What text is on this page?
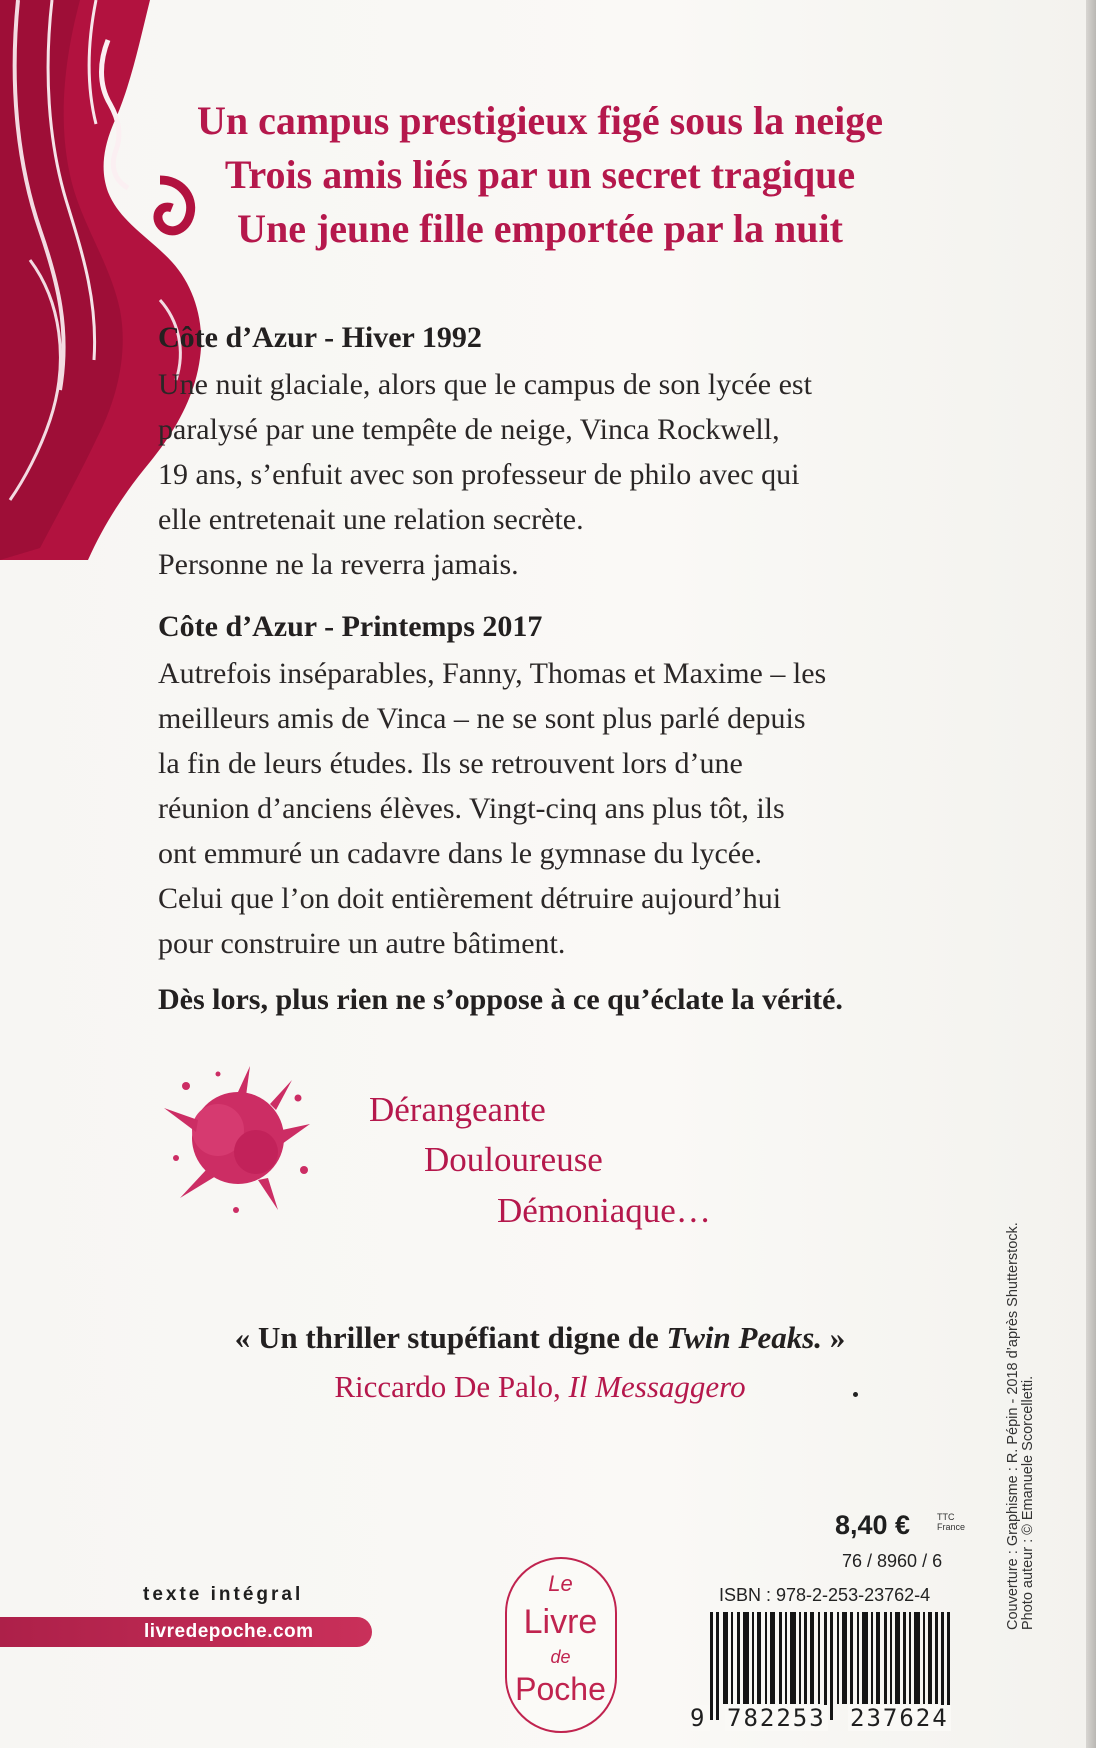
Un campus prestigieux figé sous la neige

Trois amis liés par un secret tragique

Une jeune fille emportée par la nuit

Côte d’Azur - Hiver 1992

Une nuit glaciale, alors que le campus de son lycée est
paralysé par une tempête de neige, Vinca Rockwell,
19 ans, s’enfuit avec son professeur de philo avec qui
elle entretenait une relation secrète.
Personne ne la reverra jamais.

Côte d’Azur - Printemps 2017

Autrefois inséparables, Fanny, Thomas et Maxime – les
meilleurs amis de Vinca – ne se sont plus parlé depuis
la fin de leurs études. Ils se retrouvent lors d’une
réunion d’anciens élèves. Vingt-cinq ans plus tôt, ils
ont emmuré un cadavre dans le gymnase du lycée.
Celui que l’on doit entièrement détruire aujourd’hui
pour construire un autre bâtiment.

Dès lors, plus rien ne s’oppose à ce qu’éclate la vérité.

Dérangeante

Douloureuse

Démoniaque…

« Un thriller stupéfiant digne de Twin Peaks. »

Riccardo De Palo, Il Messaggero	Couverture : Graphisme : R. Pépin - 2018 d’après Shutterstock. Photo auteur : © Emanuele Scorcelletti.

8,40 €	TTC
France

76 / 8960 / 6

ISBN : 978-2-253-23762-4

9 782253 237624

texte intégral

livredepoche.com
Le
Livre
de
Poche
